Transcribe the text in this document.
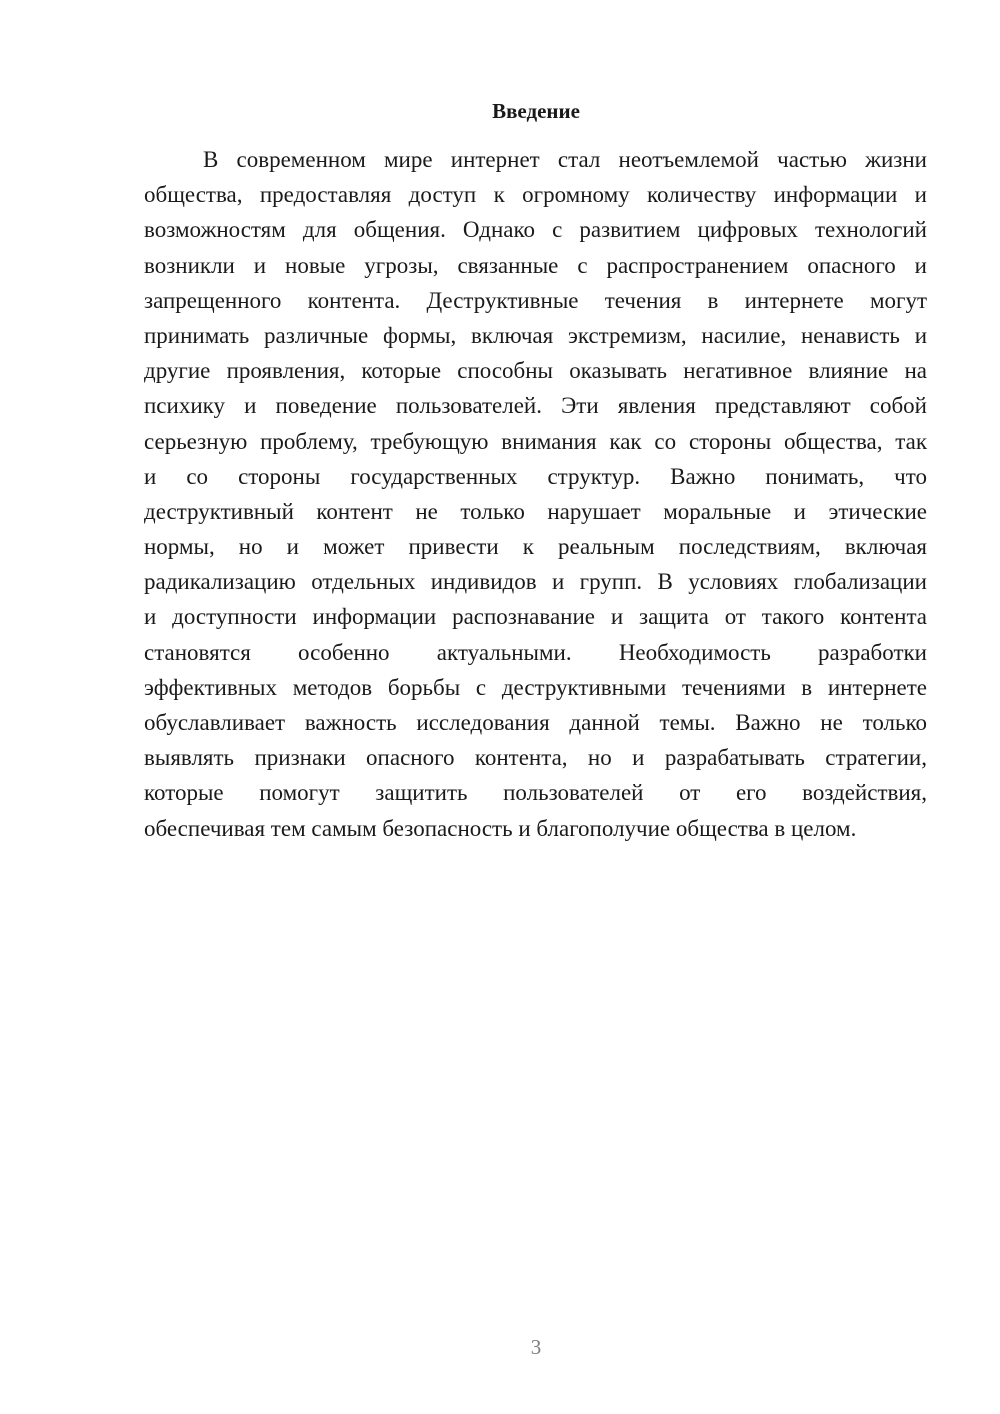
Введение
В современном мире интернет стал неотъемлемой частью жизни
общества, предоставляя доступ к огромному количеству информации и
возможностям для общения. Однако с развитием цифровых технологий
возникли и новые угрозы, связанные с распространением опасного и
запрещенного контента. Деструктивные течения в интернете могут
принимать различные формы, включая экстремизм, насилие, ненависть и
другие проявления, которые способны оказывать негативное влияние на
психику и поведение пользователей. Эти явления представляют собой
серьезную проблему, требующую внимания как со стороны общества, так
и со стороны государственных структур. Важно понимать, что
деструктивный контент не только нарушает моральные и этические
нормы, но и может привести к реальным последствиям, включая
радикализацию отдельных индивидов и групп. В условиях глобализации
и доступности информации распознавание и защита от такого контента
становятся особенно актуальными. Необходимость разработки
эффективных методов борьбы с деструктивными течениями в интернете
обуславливает важность исследования данной темы. Важно не только
выявлять признаки опасного контента, но и разрабатывать стратегии,
которые помогут защитить пользователей от его воздействия,
обеспечивая тем самым безопасность и благополучие общества в целом.
3
